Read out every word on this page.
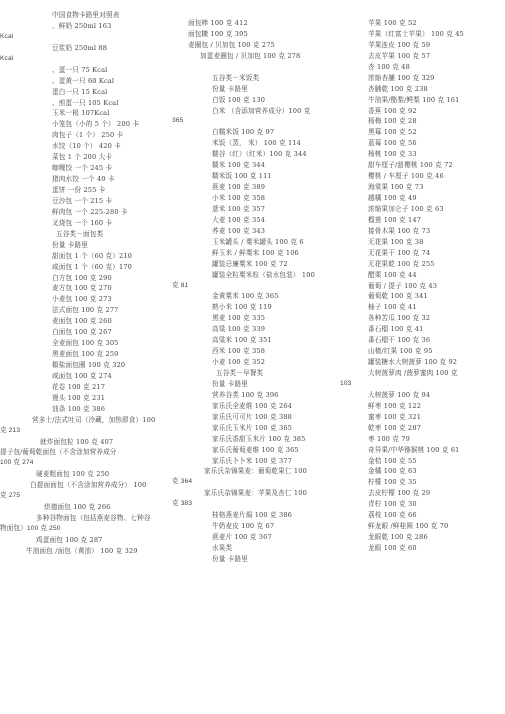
中国食物卡路里对照表
、鲜奶 250ml 163
Kcal
豆浆奶 250ml 88
Kcal
、蛋一只 75 Kcal
、蛋黄一只 60 Kcal
蛋白一只 15 Kcal
、煎蛋一只 105 Kcal
玉米一根 107Kcal
小笼包（小的 5 个） 200 卡
肉包子（1 个） 250 卡
水饺（10 个） 420 卡
菜包 1 个 200 大卡
咖喱饺 一个 245 卡
猪肉水饺 一个 40 卡
蛋饼 一份 255 卡
豆沙包 一个 215 卡
鲜肉包 一个 225-280 卡
叉烧包 一个 160 卡
五谷类－面包类
份量 卡路里
甜面包 1 个（60 克）210
咸面包 1 个（60 克）170
白方包 100 克 290
麦方包 100 克 270
小麦包 100 克 273
法式面包 100 克 277
麦面包 100 克 260
白面包 100 克 267
全麦面包 100 克 305
黑麦面包 100 克 259
椒盐面包圈 100 克 320
咸面包 100 克 274
花卷 100 克 217
馒头 100 克 231
油条 100 克 386
营多士/法式吐司（冷藏，加热即食）100
克 213
就炸面包粒 100 克 407
提子包/葡萄乾面包（不含涂加营养成分
100 克 274
硬麦粗面包 100 克 250
白提面面包（不含涂加营养成分） 100
克 275
烘德面包 100 克 266
多种谷物面包（包括燕麦谷物、七种谷
物面包）100 克 250
鸡蛋面包 100 克 287
牛油面包 /面包（黄油） 100 克 329
面包棒 100 克 412
面包糠 100 克 395
麦圈包 / 贝加包 100 克 275
加蛋麦圈包 / 贝加包 100 克 278
五谷类－米饭类
份量 卡路里
白饭 100 克 130
白米 （含添加营养成分）100 克
365
白糯米饭 100 克 97
米饭（蒸， 米） 100 克 114
糯谷（红）（红米）100 克 344
糯米 100 克 344
糯米饭 100 克 111
燕麦 100 克 389
小米 100 克 358
薏米 100 克 357
大麦 100 克 354
荞麦 100 克 343
玉米罐头 / 粟米罐头 100 克 6
鲜玉米 / 鲜粟米 100 克 106
罐装忌廉粟米 100 克 72
罐装全粒粟米粒（盐水包装） 100
克 81
金黄粟米 100 克 365
熟小米 100 克 119
黑麦 100 克 335
高粱 100 克 339
高粱米 100 克 351
西米 100 克 358
小麦 100 克 352
五谷类－早餐类
份量 卡路里
营养谷类 100 克 396
家乐氏全麦维 100 克 264
家乐氏可可片 100 克 388
家乐氏玉米片 100 克 365
家乐氏香甜玉米片 100 克 385
家乐氏葡萄麦维 100 克 365
家乐氏卜卜米 100 克 377
家乐氏杂锦果麦：葡萄乾果仁 100
克 364
家乐氏杂锦果麦：苹果及杏仁 100
克 383
桂格燕麦片焗 100 克 386
牛奶麦皮 100 克 67
燕麦片 100 克 367
水果类
份量 卡路里
苹果 100 克 52
苹果（红富士苹果） 100 克 45
苹果连皮 100 克 59
去皮苹果 100 克 57
杏 100 克 48
浓缩杏脯 100 克 329
杏脯乾 100 克 238
牛油果/酪梨/鳄梨 100 克 161
香蕉 100 克 92
杨梅 100 克 28
黑莓 100 克 52
蓝莓 100 克 56
杨桃 100 克 33
甜车厘子/甜樱桃 100 克 72
樱桃 / 车厘子 100 克 46
海棠果 100 克 73
越橘 100 克 49
浓缩果加仑子 100 克 63
榴莲 100 克 147
接骨木果 100 克 73
无花果 100 克 38
无花果干 100 克 74
无花果乾 100 克 255
醋栗 100 克 44
葡萄 / 提子 100 克 43
葡萄乾 100 克 341
柚子 100 克 41
各种苦瓜 100 克 32
番石榴 100 克 41
番石榴干 100 克 36
山楂/红果 100 克 95
罐装糖水大树菠萝 100 克 92
大树菠萝肉 /菠萝蜜肉 100 克
103
大树菠萝 100 克 94
鲜枣 100 克 122
蜜枣 100 克 321
乾枣 100 克 287
枣 100 克 79
奇异果/中华猕猴桃 100 克 61
金桔 100 克 55
金橘 100 克 63
柠檬 100 克 35
去皮柠檬 100 克 29
青柠 100 克 30
荔枝 100 克 66
鲜龙眼 /鲜桂圆 100 克 70
龙眼乾 100 克 286
龙眼 100 克 60
